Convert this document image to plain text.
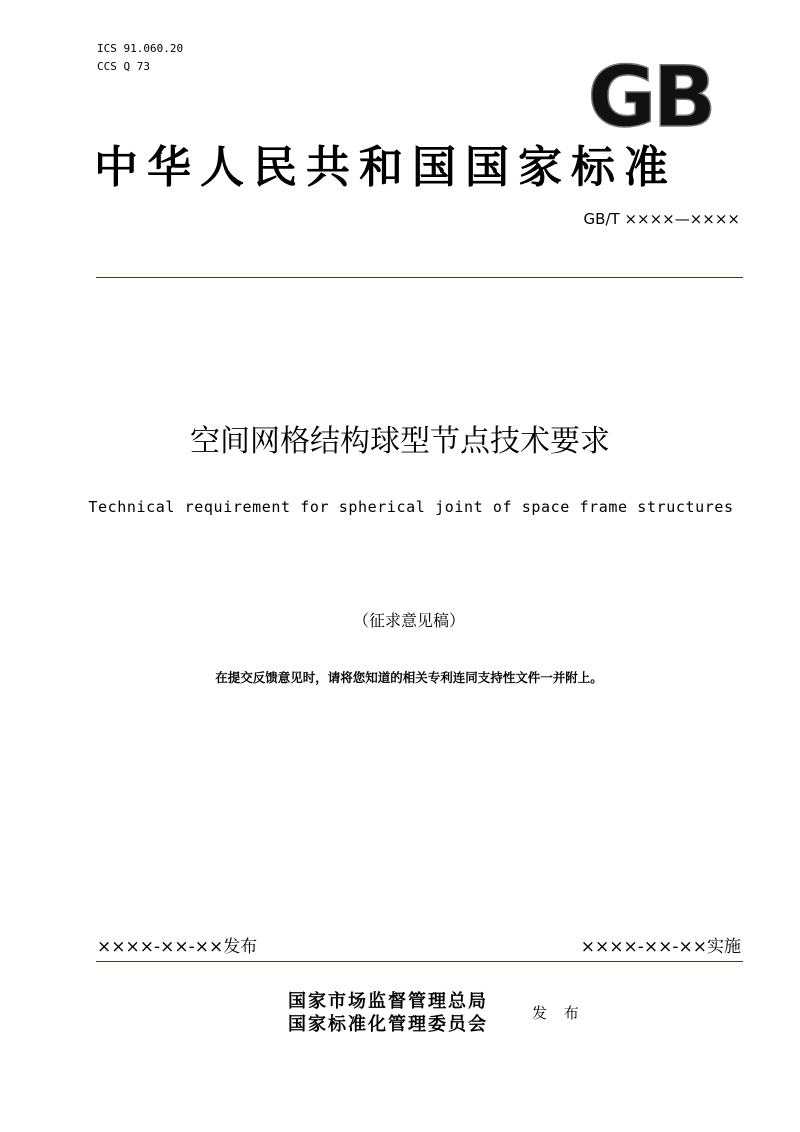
ICS 91.060.20
CCS Q 73	GB
中华人民共和国国家标准
GB/T ××××—××××
空间网格结构球型节点技术要求
Technical requirement for spherical joint of space frame structures
（征求意见稿）
在提交反馈意见时，请将您知道的相关专利连同支持性文件一并附上。
××××-××-××发布	××××-××-××实施
国家市场监督管理总局
国家标准化管理委员会
发 布
